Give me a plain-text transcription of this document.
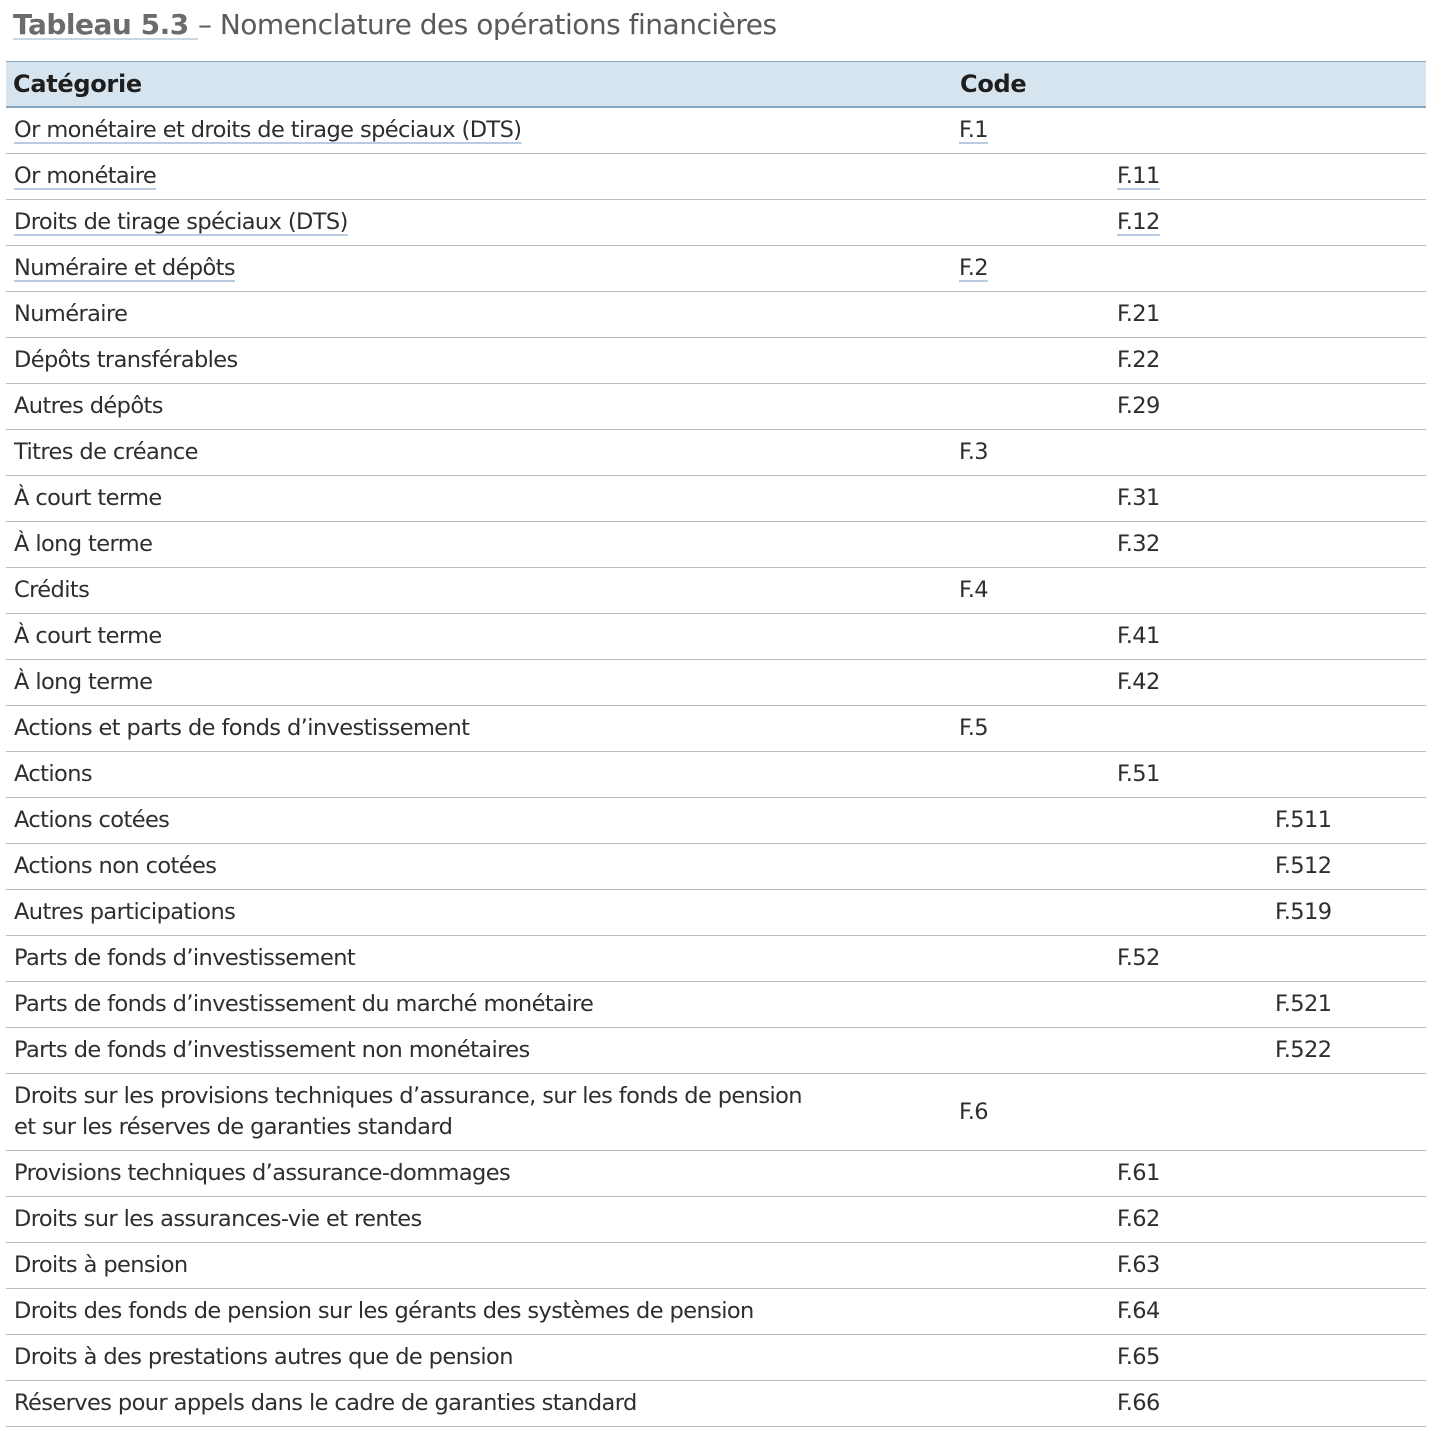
Tableau 5.3 – Nomenclature des opérations financières
Catégorie	Code		
Or monétaire et droits de tirage spéciaux (DTS)	F.1		
Or monétaire		F.11	
Droits de tirage spéciaux (DTS)		F.12	
Numéraire et dépôts	F.2		
Numéraire		F.21	
Dépôts transférables		F.22	
Autres dépôts		F.29	
Titres de créance	F.3		
À court terme		F.31	
À long terme		F.32	
Crédits	F.4		
À court terme		F.41	
À long terme		F.42	
Actions et parts de fonds d’investissement	F.5		
Actions		F.51	
Actions cotées			F.511
Actions non cotées			F.512
Autres participations			F.519
Parts de fonds d’investissement		F.52	
Parts de fonds d’investissement du marché monétaire			F.521
Parts de fonds d’investissement non monétaires			F.522
Droits sur les provisions techniques d’assurance, sur les fonds de pension et sur les réserves de garanties standard	F.6		
Provisions techniques d’assurance-dommages		F.61	
Droits sur les assurances-vie et rentes		F.62	
Droits à pension		F.63	
Droits des fonds de pension sur les gérants des systèmes de pension		F.64	
Droits à des prestations autres que de pension		F.65	
Réserves pour appels dans le cadre de garanties standard		F.66	
